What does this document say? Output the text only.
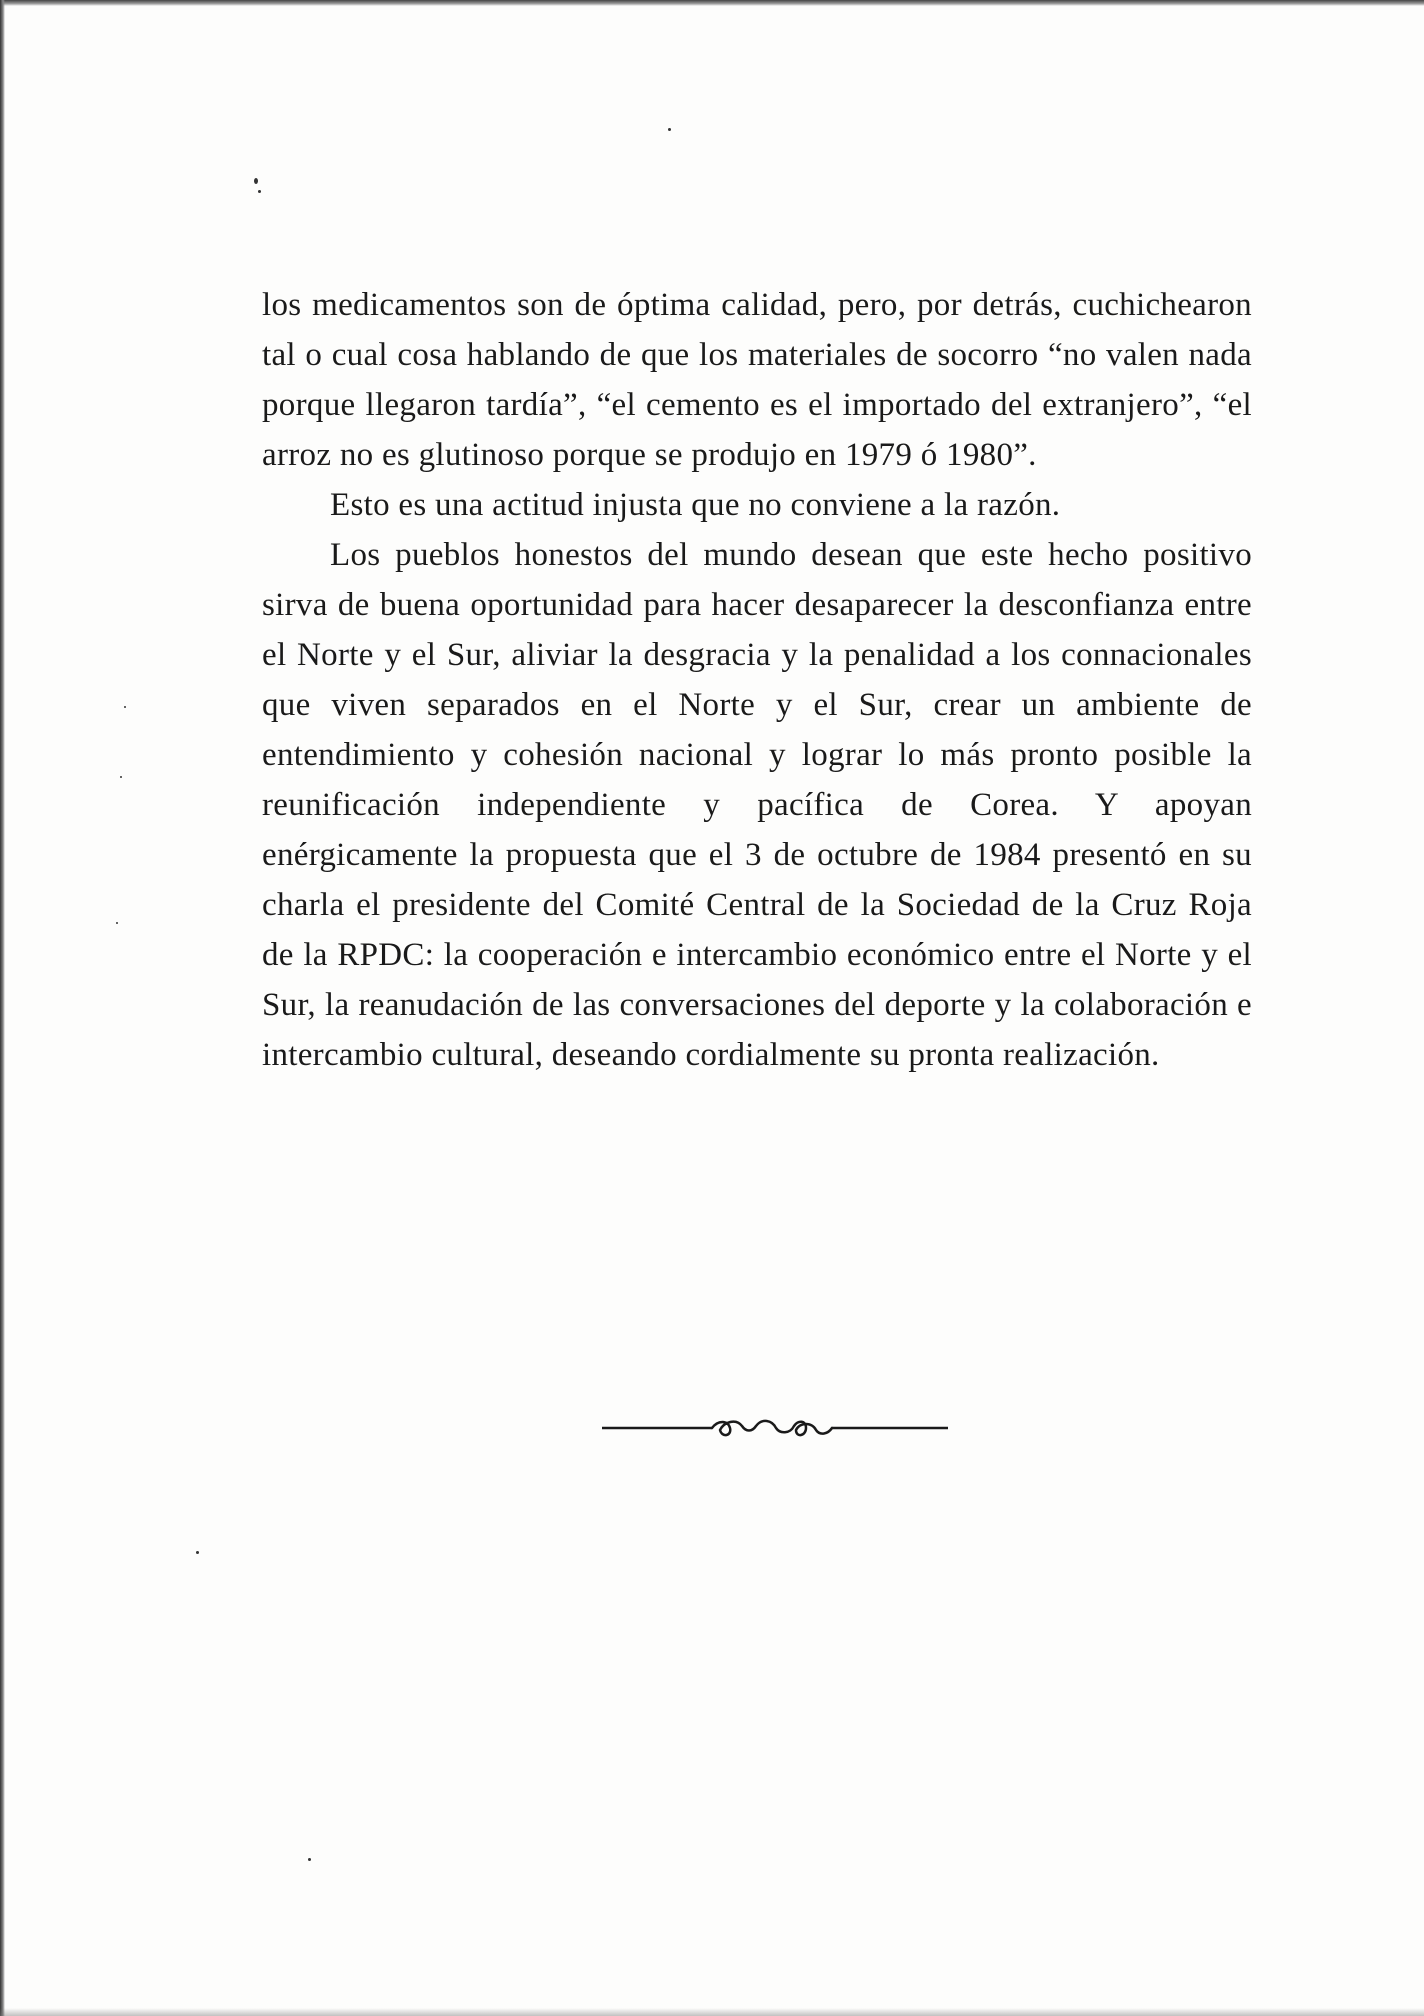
los medicamentos son de óptima calidad, pero, por detrás, cuchichearon tal o cual cosa hablando de que los materiales de socorro “no valen nada porque llegaron tardía”, “el cemento es el importado del extranjero”, “el arroz no es glutinoso porque se produjo en 1979 ó 1980”.

Esto es una actitud injusta que no conviene a la razón.

Los pueblos honestos del mundo desean que este hecho positivo sirva de buena oportunidad para hacer desaparecer la desconfianza entre el Norte y el Sur, aliviar la desgracia y la penalidad a los connacionales que viven separados en el Norte y el Sur, crear un ambiente de entendimiento y cohesión nacional y lograr lo más pronto posible la reunificación independiente y pacífica de Corea. Y apoyan enérgicamente la propuesta que el 3 de octubre de 1984 presentó en su charla el presidente del Comité Central de la Sociedad de la Cruz Roja de la RPDC: la cooperación e intercambio económico entre el Norte y el Sur, la reanudación de las conversaciones del deporte y la colaboración e intercambio cultural, deseando cordialmente su pronta realización.
